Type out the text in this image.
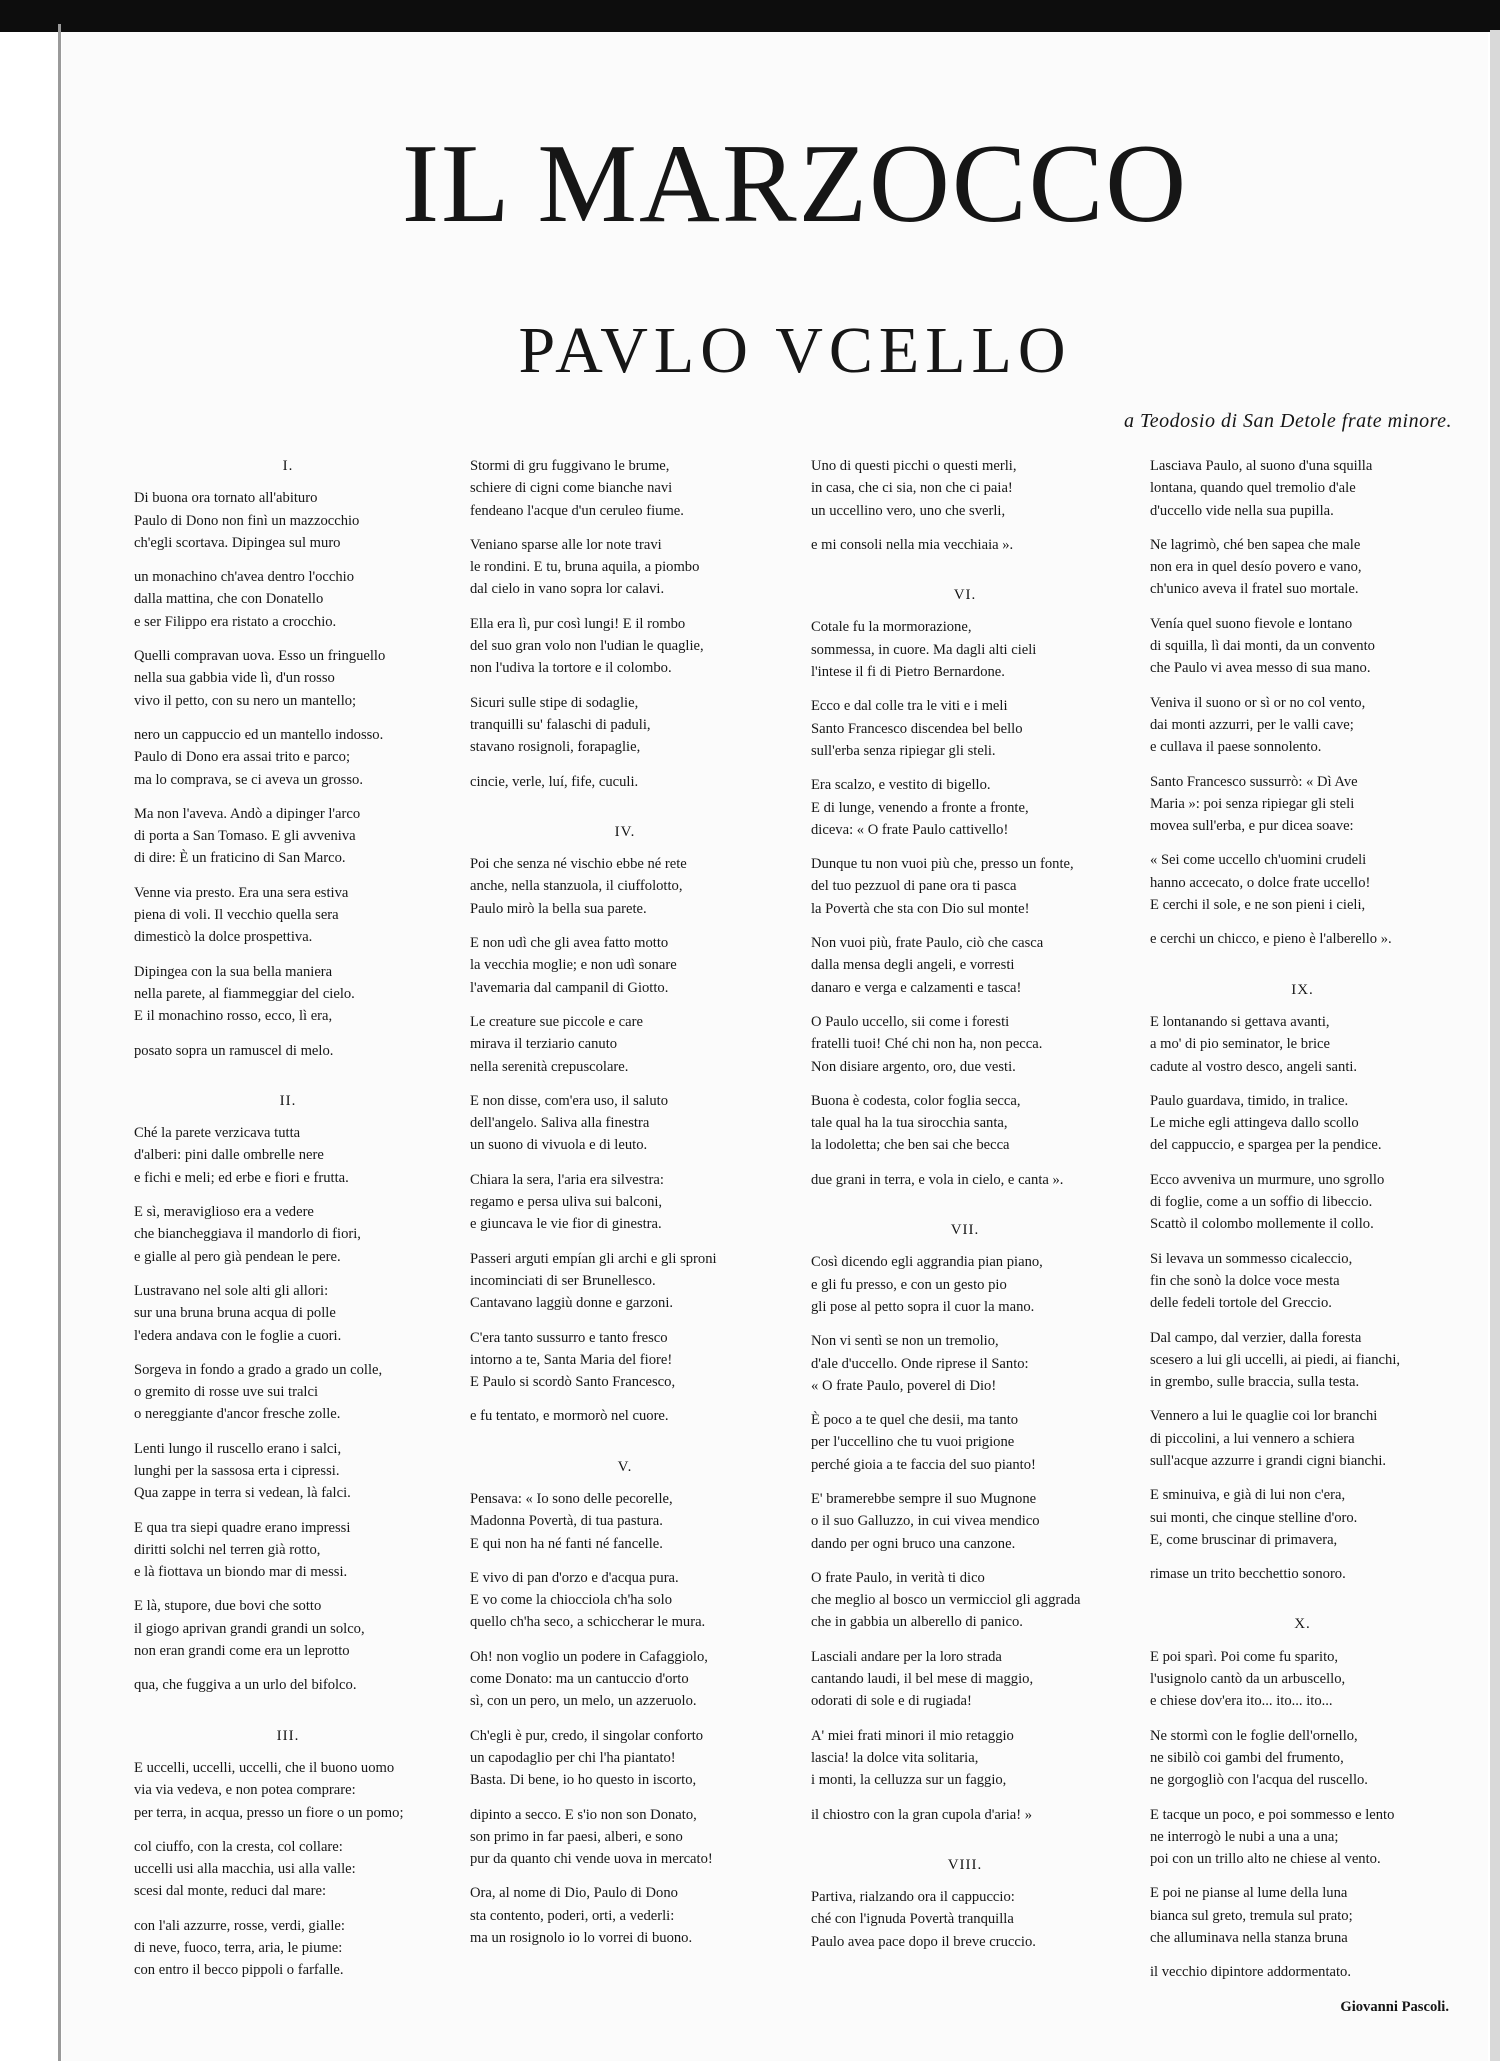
IL MARZOCCO
PAVLO VCELLO
a Teodosio di San Detole frate minore.
I.
Di buona ora tornato all'abituro
Paulo di Dono non finì un mazzocchio
ch'egli scortava. Dipingea sul muro
un monachino ch'avea dentro l'occhio
dalla mattina, che con Donatello
e ser Filippo era ristato a crocchio.
Quelli compravan uova. Esso un fringuello
nella sua gabbia vide lì, d'un rosso
vivo il petto, con su nero un mantello;
nero un cappuccio ed un mantello indosso.
Paulo di Dono era assai trito e parco;
ma lo comprava, se ci aveva un grosso.
Ma non l'aveva. Andò a dipinger l'arco
di porta a San Tomaso. E gli avveniva
di dire: È un fraticino di San Marco.
Venne via presto. Era una sera estiva
piena di voli. Il vecchio quella sera
dimesticò la dolce prospettiva.
Dipingea con la sua bella maniera
nella parete, al fiammeggiar del cielo.
E il monachino rosso, ecco, lì era,
posato sopra un ramuscel di melo.
II.
Ché la parete verzicava tutta
d'alberi: pini dalle ombrelle nere
e fichi e meli; ed erbe e fiori e frutta.
E sì, meraviglioso era a vedere
che biancheggiava il mandorlo di fiori,
e gialle al pero già pendean le pere.
Lustravano nel sole alti gli allori:
sur una bruna bruna acqua di polle
l'edera andava con le foglie a cuori.
Sorgeva in fondo a grado a grado un colle,
o gremito di rosse uve sui tralci
o nereggiante d'ancor fresche zolle.
Lenti lungo il ruscello erano i salci,
lunghi per la sassosa erta i cipressi.
Qua zappe in terra si vedean, là falci.
E qua tra siepi quadre erano impressi
diritti solchi nel terren già rotto,
e là fiottava un biondo mar di messi.
E là, stupore, due bovi che sotto
il giogo aprivan grandi grandi un solco,
non eran grandi come era un leprotto
qua, che fuggiva a un urlo del bifolco.
III.
E uccelli, uccelli, uccelli, che il buono uomo
via via vedeva, e non potea comprare:
per terra, in acqua, presso un fiore o un pomo;
col ciuffo, con la cresta, col collare:
uccelli usi alla macchia, usi alla valle:
scesi dal monte, reduci dal mare:
con l'ali azzurre, rosse, verdi, gialle:
di neve, fuoco, terra, aria, le piume:
con entro il becco pippoli o farfalle.
Stormi di gru fuggivano le brume,
schiere di cigni come bianche navi
fendeano l'acque d'un ceruleo fiume.
Veniano sparse alle lor note travi
le rondini. E tu, bruna aquila, a piombo
dal cielo in vano sopra lor calavi.
Ella era lì, pur così lungi! E il rombo
del suo gran volo non l'udian le quaglie,
non l'udiva la tortore e il colombo.
Sicuri sulle stipe di sodaglie,
tranquilli su' falaschi di paduli,
stavano rosignoli, forapaglie,
cincie, verle, luí, fife, cuculi.
IV.
Poi che senza né vischio ebbe né rete
anche, nella stanzuola, il ciuffolotto,
Paulo mirò la bella sua parete.
E non udì che gli avea fatto motto
la vecchia moglie; e non udì sonare
l'avemaria dal campanil di Giotto.
Le creature sue piccole e care
mirava il terziario canuto
nella serenità crepuscolare.
E non disse, com'era uso, il saluto
dell'angelo. Saliva alla finestra
un suono di vivuola e di leuto.
Chiara la sera, l'aria era silvestra:
regamo e persa uliva sui balconi,
e giuncava le vie fior di ginestra.
Passeri arguti empían gli archi e gli sproni
incominciati di ser Brunellesco.
Cantavano laggiù donne e garzoni.
C'era tanto sussurro e tanto fresco
intorno a te, Santa Maria del fiore!
E Paulo si scordò Santo Francesco,
e fu tentato, e mormorò nel cuore.
V.
Pensava: « Io sono delle pecorelle,
Madonna Povertà, di tua pastura.
E qui non ha né fanti né fancelle.
E vivo di pan d'orzo e d'acqua pura.
E vo come la chiocciola ch'ha solo
quello ch'ha seco, a schiccherar le mura.
Oh! non voglio un podere in Cafaggiolo,
come Donato: ma un cantuccio d'orto
sì, con un pero, un melo, un azzeruolo.
Ch'egli è pur, credo, il singolar conforto
un capodaglio per chi l'ha piantato!
Basta. Di bene, io ho questo in iscorto,
dipinto a secco. E s'io non son Donato,
son primo in far paesi, alberi, e sono
pur da quanto chi vende uova in mercato!
Ora, al nome di Dio, Paulo di Dono
sta contento, poderi, orti, a vederli:
ma un rosignolo io lo vorrei di buono.
Uno di questi picchi o questi merli,
in casa, che ci sia, non che ci paia!
un uccellino vero, uno che sverli,
e mi consoli nella mia vecchiaia ».
VI.
Cotale fu la mormorazione,
sommessa, in cuore. Ma dagli alti cieli
l'intese il fi di Pietro Bernardone.
Ecco e dal colle tra le viti e i meli
Santo Francesco discendea bel bello
sull'erba senza ripiegar gli steli.
Era scalzo, e vestito di bigello.
E di lunge, venendo a fronte a fronte,
diceva: « O frate Paulo cattivello!
Dunque tu non vuoi più che, presso un fonte,
del tuo pezzuol di pane ora ti pasca
la Povertà che sta con Dio sul monte!
Non vuoi più, frate Paulo, ciò che casca
dalla mensa degli angeli, e vorresti
danaro e verga e calzamenti e tasca!
O Paulo uccello, sii come i foresti
fratelli tuoi! Ché chi non ha, non pecca.
Non disiare argento, oro, due vesti.
Buona è codesta, color foglia secca,
tale qual ha la tua sirocchia santa,
la lodoletta; che ben sai che becca
due grani in terra, e vola in cielo, e canta ».
VII.
Così dicendo egli aggrandia pian piano,
e gli fu presso, e con un gesto pio
gli pose al petto sopra il cuor la mano.
Non vi sentì se non un tremolio,
d'ale d'uccello. Onde riprese il Santo:
« O frate Paulo, poverel di Dio!
È poco a te quel che desii, ma tanto
per l'uccellino che tu vuoi prigione
perché gioia a te faccia del suo pianto!
E' bramerebbe sempre il suo Mugnone
o il suo Galluzzo, in cui vivea mendico
dando per ogni bruco una canzone.
O frate Paulo, in verità ti dico
che meglio al bosco un vermicciol gli aggrada
che in gabbia un alberello di panico.
Lasciali andare per la loro strada
cantando laudi, il bel mese di maggio,
odorati di sole e di rugiada!
A' miei frati minori il mio retaggio
lascia! la dolce vita solitaria,
i monti, la celluzza sur un faggio,
il chiostro con la gran cupola d'aria! »
VIII.
Partiva, rialzando ora il cappuccio:
ché con l'ignuda Povertà tranquilla
Paulo avea pace dopo il breve cruccio.
Lasciava Paulo, al suono d'una squilla
lontana, quando quel tremolio d'ale
d'uccello vide nella sua pupilla.
Ne lagrimò, ché ben sapea che male
non era in quel desío povero e vano,
ch'unico aveva il fratel suo mortale.
Venía quel suono fievole e lontano
di squilla, lì dai monti, da un convento
che Paulo vi avea messo di sua mano.
Veniva il suono or sì or no col vento,
dai monti azzurri, per le valli cave;
e cullava il paese sonnolento.
Santo Francesco sussurrò: « Dì Ave
Maria »: poi senza ripiegar gli steli
movea sull'erba, e pur dicea soave:
« Sei come uccello ch'uomini crudeli
hanno accecato, o dolce frate uccello!
E cerchi il sole, e ne son pieni i cieli,
e cerchi un chicco, e pieno è l'alberello ».
IX.
E lontanando si gettava avanti,
a mo' di pio seminator, le brice
cadute al vostro desco, angeli santi.
Paulo guardava, timido, in tralice.
Le miche egli attingeva dallo scollo
del cappuccio, e spargea per la pendice.
Ecco avveniva un murmure, uno sgrollo
di foglie, come a un soffio di libeccio.
Scattò il colombo mollemente il collo.
Si levava un sommesso cicaleccio,
fin che sonò la dolce voce mesta
delle fedeli tortole del Greccio.
Dal campo, dal verzier, dalla foresta
scesero a lui gli uccelli, ai piedi, ai fianchi,
in grembo, sulle braccia, sulla testa.
Vennero a lui le quaglie coi lor branchi
di piccolini, a lui vennero a schiera
sull'acque azzurre i grandi cigni bianchi.
E sminuiva, e già di lui non c'era,
sui monti, che cinque stelline d'oro.
E, come bruscinar di primavera,
rimase un trito becchettio sonoro.
X.
E poi sparì. Poi come fu sparito,
l'usignolo cantò da un arbuscello,
e chiese dov'era ito... ito... ito...
Ne stormì con le foglie dell'ornello,
ne sibilò coi gambi del frumento,
ne gorgogliò con l'acqua del ruscello.
E tacque un poco, e poi sommesso e lento
ne interrogò le nubi a una a una;
poi con un trillo alto ne chiese al vento.
E poi ne pianse al lume della luna
bianca sul greto, tremula sul prato;
che alluminava nella stanza bruna
il vecchio dipintore addormentato.
Giovanni Pascoli.
